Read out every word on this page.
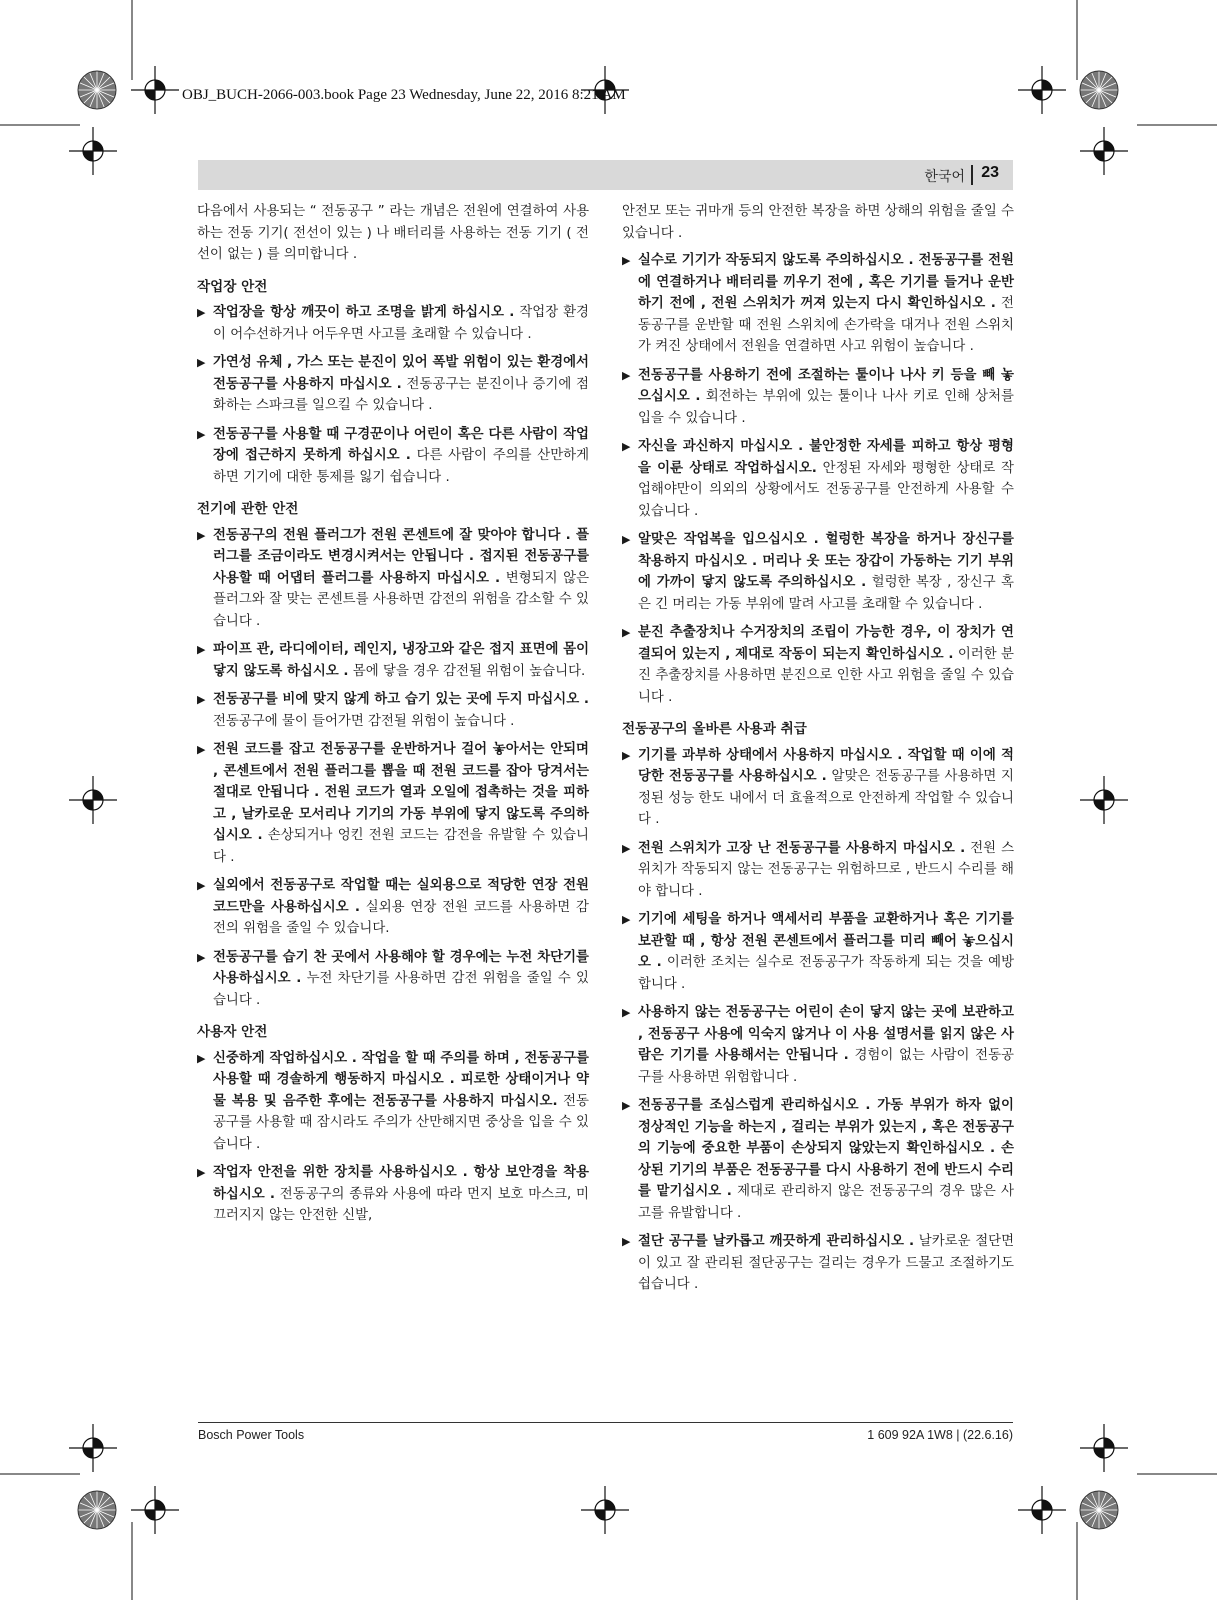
OBJ_BUCH-2066-003.book Page 23 Wednesday, June 22, 2016 8:21 AM
한국어 23

다음에서 사용되는 “ 전동공구 ” 라는 개념은 전원에 연결하여 사용하는 전동 기기( 전선이 있는 ) 나 배터리를 사용하는 전동 기기 ( 전선이 없는 ) 를 의미합니다 .

작업장 안전
▶ 작업장을 항상 깨끗이 하고 조명을 밝게 하십시오 . 작업장 환경이 어수선하거나 어두우면 사고를 초래할 수 있습니다 .
▶ 가연성 유체 , 가스 또는 분진이 있어 폭발 위험이 있는 환경에서 전동공구를 사용하지 마십시오 . 전동공구는 분진이나 증기에 점화하는 스파크를 일으킬 수 있습니다 .
▶ 전동공구를 사용할 때 구경꾼이나 어린이 혹은 다른 사람이 작업장에 접근하지 못하게 하십시오 . 다른 사람이 주의를 산만하게 하면 기기에 대한 통제를 잃기 쉽습니다 .
전기에 관한 안전
▶ 전동공구의 전원 플러그가 전원 콘센트에 잘 맞아야 합니다 . 플러그를 조금이라도 변경시켜서는 안됩니다 . 접지된 전동공구를 사용할 때 어댑터 플러그를 사용하지 마십시오 . 변형되지 않은 플러그와 잘 맞는 콘센트를 사용하면 감전의 위험을 감소할 수 있습니다 .
▶ 파이프 관, 라디에이터, 레인지, 냉장고와 같은 접지 표면에 몸이 닿지 않도록 하십시오 . 몸에 닿을 경우 감전될 위험이 높습니다.
▶ 전동공구를 비에 맞지 않게 하고 습기 있는 곳에 두지 마십시오 . 전동공구에 물이 들어가면 감전될 위험이 높습니다 .
▶ 전원 코드를 잡고 전동공구를 운반하거나 걸어 놓아서는 안되며 , 콘센트에서 전원 플러그를 뽑을 때 전원 코드를 잡아 당겨서는 절대로 안됩니다 . 전원 코드가 열과 오일에 접촉하는 것을 피하고 , 날카로운 모서리나 기기의 가동 부위에 닿지 않도록 주의하십시오 . 손상되거나 엉킨 전원 코드는 감전을 유발할 수 있습니다 .
▶ 실외에서 전동공구로 작업할 때는 실외용으로 적당한 연장 전원 코드만을 사용하십시오 . 실외용 연장 전원 코드를 사용하면 감전의 위험을 줄일 수 있습니다.
▶ 전동공구를 습기 찬 곳에서 사용해야 할 경우에는 누전 차단기를 사용하십시오 . 누전 차단기를 사용하면 감전 위험을 줄일 수 있습니다 .
사용자 안전
▶ 신중하게 작업하십시오 . 작업을 할 때 주의를 하며 , 전동공구를 사용할 때 경솔하게 행동하지 마십시오 . 피로한 상태이거나 약물 복용 및 음주한 후에는 전동공구를 사용하지 마십시오. 전동공구를 사용할 때 잠시라도 주의가 산만해지면 중상을 입을 수 있습니다 .
▶ 작업자 안전을 위한 장치를 사용하십시오 . 항상 보안경을 착용하십시오 . 전동공구의 종류와 사용에 따라 먼지 보호 마스크, 미끄러지지 않는 안전한 신발,

안전모 또는 귀마개 등의 안전한 복장을 하면 상해의 위험을 줄일 수 있습니다 .

▶ 실수로 기기가 작동되지 않도록 주의하십시오 . 전동공구를 전원에 연결하거나 배터리를 끼우기 전에 , 혹은 기기를 들거나 운반하기 전에 , 전원 스위치가 꺼져 있는지 다시 확인하십시오 . 전동공구를 운반할 때 전원 스위치에 손가락을 대거나 전원 스위치가 켜진 상태에서 전원을 연결하면 사고 위험이 높습니다 .
▶ 전동공구를 사용하기 전에 조절하는 툴이나 나사 키 등을 빼 놓으십시오 . 회전하는 부위에 있는 툴이나 나사 키로 인해 상처를 입을 수 있습니다 .
▶ 자신을 과신하지 마십시오 . 불안정한 자세를 피하고 항상 평형을 이룬 상태로 작업하십시오. 안정된 자세와 평형한 상태로 작업해야만이 의외의 상황에서도 전동공구를 안전하게 사용할 수 있습니다 .
▶ 알맞은 작업복을 입으십시오 . 헐렁한 복장을 하거나 장신구를 착용하지 마십시오 . 머리나 옷 또는 장갑이 가동하는 기기 부위에 가까이 닿지 않도록 주의하십시오 . 헐렁한 복장 , 장신구 혹은 긴 머리는 가동 부위에 말려 사고를 초래할 수 있습니다 .
▶ 분진 추출장치나 수거장치의 조립이 가능한 경우, 이 장치가 연결되어 있는지 , 제대로 작동이 되는지 확인하십시오 . 이러한 분진 추출장치를 사용하면 분진으로 인한 사고 위험을 줄일 수 있습니다 .
전동공구의 올바른 사용과 취급
▶ 기기를 과부하 상태에서 사용하지 마십시오 . 작업할 때 이에 적당한 전동공구를 사용하십시오 . 알맞은 전동공구를 사용하면 지정된 성능 한도 내에서 더 효율적으로 안전하게 작업할 수 있습니다 .
▶ 전원 스위치가 고장 난 전동공구를 사용하지 마십시오 . 전원 스위치가 작동되지 않는 전동공구는 위험하므로 , 반드시 수리를 해야 합니다 .
▶ 기기에 세팅을 하거나 액세서리 부품을 교환하거나 혹은 기기를 보관할 때 , 항상 전원 콘센트에서 플러그를 미리 빼어 놓으십시오 . 이러한 조치는 실수로 전동공구가 작동하게 되는 것을 예방합니다 .
▶ 사용하지 않는 전동공구는 어린이 손이 닿지 않는 곳에 보관하고 , 전동공구 사용에 익숙지 않거나 이 사용 설명서를 읽지 않은 사람은 기기를 사용해서는 안됩니다 . 경험이 없는 사람이 전동공구를 사용하면 위험합니다 .
▶ 전동공구를 조심스럽게 관리하십시오 . 가동 부위가 하자 없이 정상적인 기능을 하는지 , 걸리는 부위가 있는지 , 혹은 전동공구의 기능에 중요한 부품이 손상되지 않았는지 확인하십시오 . 손상된 기기의 부품은 전동공구를 다시 사용하기 전에 반드시 수리를 맡기십시오 . 제대로 관리하지 않은 전동공구의 경우 많은 사고를 유발합니다 .
▶ 절단 공구를 날카롭고 깨끗하게 관리하십시오 . 날카로운 절단면이 있고 잘 관리된 절단공구는 걸리는 경우가 드물고 조절하기도 쉽습니다 .
Bosch Power Tools	1 609 92A 1W8 | (22.6.16)
